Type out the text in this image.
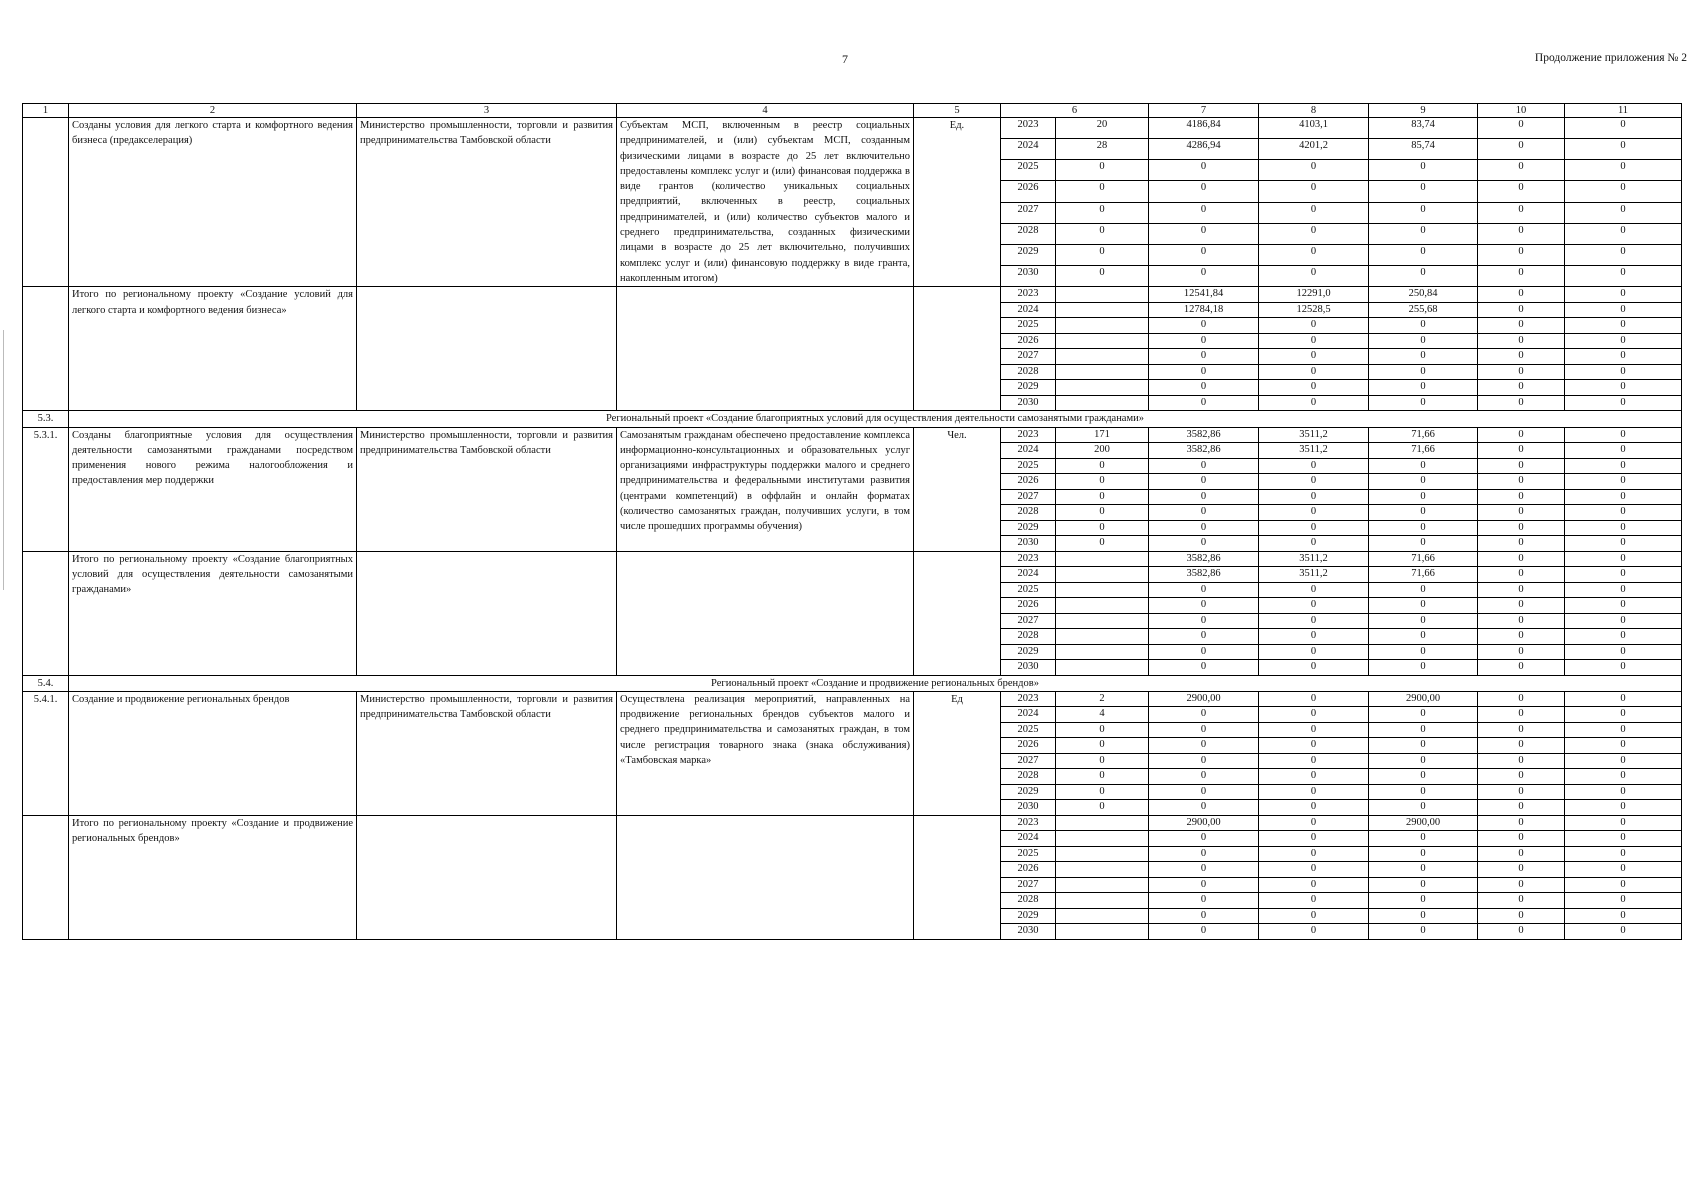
7	Продолжение приложения № 2
1	2	3	4	5	6		7	8	9	10	11
	Созданы условия для легкого старта и комфортного ведения бизнеса (предакселерация)	Министерство промышленности, торговли и развития предпринимательства Тамбовской области	Субъектам МСП, включенным в реестр социальных предпринимателей, и (или) субъектам МСП, созданным физическими лицами в возрасте до 25 лет включительно предоставлены комплекс услуг и (или) финансовая поддержка в виде грантов (количество уникальных социальных предприятий, включенных в реестр, социальных предпринимателей, и (или) количество субъектов малого и среднего предпринимательства, созданных физическими лицами в возрасте до 25 лет включительно, получивших комплекс услуг и (или) финансовую поддержку в виде гранта, накопленным итогом)	Ед.	2023	20	4186,84	4103,1	83,74	0	0
					2024	28	4286,94	4201,2	85,74	0	0
					2025	0	0	0	0	0	0
					2026	0	0	0	0	0	0
					2027	0	0	0	0	0	0
					2028	0	0	0	0	0	0
					2029	0	0	0	0	0	0
					2030	0	0	0	0	0	0
	Итого по региональному проекту «Создание условий для легкого старта и комфортного ведения бизнеса»				2023		12541,84	12291,0	250,84	0	0
					2024		12784,18	12528,5	255,68	0	0
					2025		0	0	0	0	0
					2026		0	0	0	0	0
					2027		0	0	0	0	0
					2028		0	0	0	0	0
					2029		0	0	0	0	0
					2030		0	0	0	0	0
5.3.	Региональный проект «Создание благоприятных условий для осуществления деятельности самозанятыми гражданами»										
5.3.1.	Созданы благоприятные условия для осуществления деятельности самозанятыми гражданами посредством применения нового режима налогообложения и предоставления мер поддержки	Министерство промышленности, торговли и развития предпринимательства Тамбовской области	Самозанятым гражданам обеспечено предоставление комплекса информационно-консультационных и образовательных услуг организациями инфраструктуры поддержки малого и среднего предпринимательства и федеральными институтами развития (центрами компетенций) в оффлайн и онлайн форматах (количество самозанятых граждан, получивших услуги, в том числе прошедших программы обучения)	Чел.	2023	171	3582,86	3511,2	71,66	0	0
					2024	200	3582,86	3511,2	71,66	0	0
					2025	0	0	0	0	0	0
					2026	0	0	0	0	0	0
					2027	0	0	0	0	0	0
					2028	0	0	0	0	0	0
					2029	0	0	0	0	0	0
					2030	0	0	0	0	0	0
	Итого по региональному проекту «Создание благоприятных условий для осуществления деятельности самозанятыми гражданами»				2023		3582,86	3511,2	71,66	0	0
					2024		3582,86	3511,2	71,66	0	0
					2025		0	0	0	0	0
					2026		0	0	0	0	0
					2027		0	0	0	0	0
					2028		0	0	0	0	0
					2029		0	0	0	0	0
					2030		0	0	0	0	0
5.4.	Региональный проект «Создание и продвижение региональных брендов»										
5.4.1.	Создание и продвижение региональных брендов	Министерство промышленности, торговли и развития предпринимательства Тамбовской области	Осуществлена реализация мероприятий, направленных на продвижение региональных брендов субъектов малого и среднего предпринимательства и самозанятых граждан, в том числе регистрация товарного знака (знака обслуживания) «Тамбовская марка»	Ед	2023	2	2900,00	0	2900,00	0	0
					2024	4	0	0	0	0	0
					2025	0	0	0	0	0	0
					2026	0	0	0	0	0	0
					2027	0	0	0	0	0	0
					2028	0	0	0	0	0	0
					2029	0	0	0	0	0	0
					2030	0	0	0	0	0	0
	Итого по региональному проекту «Создание и продвижение региональных брендов»				2023		2900,00	0	2900,00	0	0
					2024		0	0	0	0	0
					2025		0	0	0	0	0
					2026		0	0	0	0	0
					2027		0	0	0	0	0
					2028		0	0	0	0	0
					2029		0	0	0	0	0
					2030		0	0	0	0	0
